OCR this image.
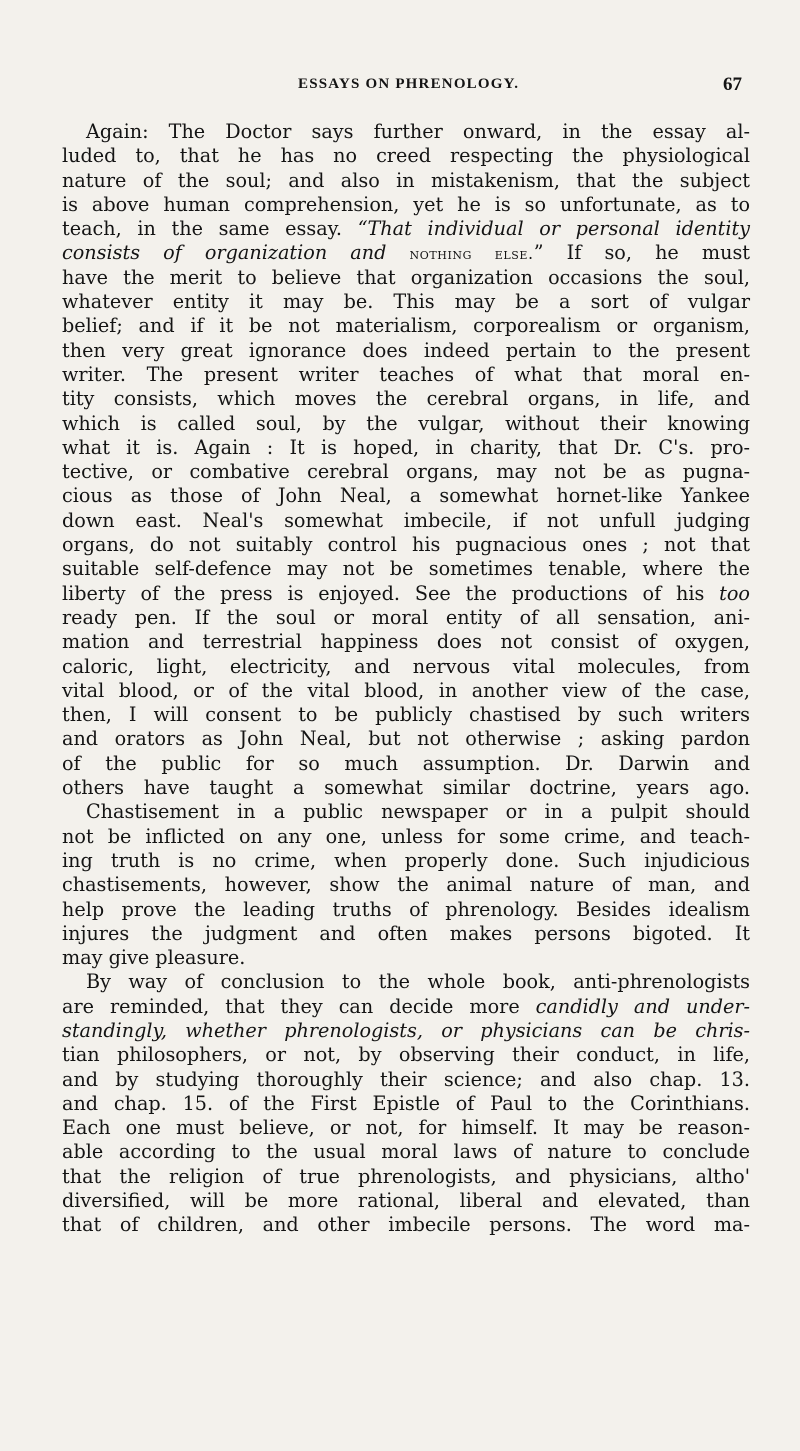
ESSAYS ON PHRENOLOGY.	67
Again: The Doctor says further onward, in the essay al-
luded to, that he has no creed respecting the physiological
nature of the soul; and also in mistakenism, that the subject
is above human comprehension, yet he is so unfortunate, as to
teach, in the same essay. “That individual or personal identity
consists of organization and nothing else.” If so, he must
have the merit to believe that organization occasions the soul,
whatever entity it may be. This may be a sort of vulgar
belief; and if it be not materialism, corporealism or organism,
then very great ignorance does indeed pertain to the present
writer. The present writer teaches of what that moral en-
tity consists, which moves the cerebral organs, in life, and
which is called soul, by the vulgar, without their knowing
what it is. Again : It is hoped, in charity, that Dr. C's. pro-
tective, or combative cerebral organs, may not be as pugna-
cious as those of John Neal, a somewhat hornet-like Yankee
down east. Neal's somewhat imbecile, if not unfull judging
organs, do not suitably control his pugnacious ones ; not that
suitable self-defence may not be sometimes tenable, where the
liberty of the press is enjoyed. See the productions of his too
ready pen. If the soul or moral entity of all sensation, ani-
mation and terrestrial happiness does not consist of oxygen,
caloric, light, electricity, and nervous vital molecules, from
vital blood, or of the vital blood, in another view of the case,
then, I will consent to be publicly chastised by such writers
and orators as John Neal, but not otherwise ; asking pardon
of the public for so much assumption. Dr. Darwin and
others have taught a somewhat similar doctrine, years ago.
Chastisement in a public newspaper or in a pulpit should
not be inflicted on any one, unless for some crime, and teach-
ing truth is no crime, when properly done. Such injudicious
chastisements, however, show the animal nature of man, and
help prove the leading truths of phrenology. Besides idealism
injures the judgment and often makes persons bigoted. It
may give pleasure.
By way of conclusion to the whole book, anti-phrenologists
are reminded, that they can decide more candidly and under-
standingly, whether phrenologists, or physicians can be chris-
tian philosophers, or not, by observing their conduct, in life,
and by studying thoroughly their science; and also chap. 13.
and chap. 15. of the First Epistle of Paul to the Corinthians.
Each one must believe, or not, for himself. It may be reason-
able according to the usual moral laws of nature to conclude
that the religion of true phrenologists, and physicians, altho'
diversified, will be more rational, liberal and elevated, than
that of children, and other imbecile persons. The word ma-
